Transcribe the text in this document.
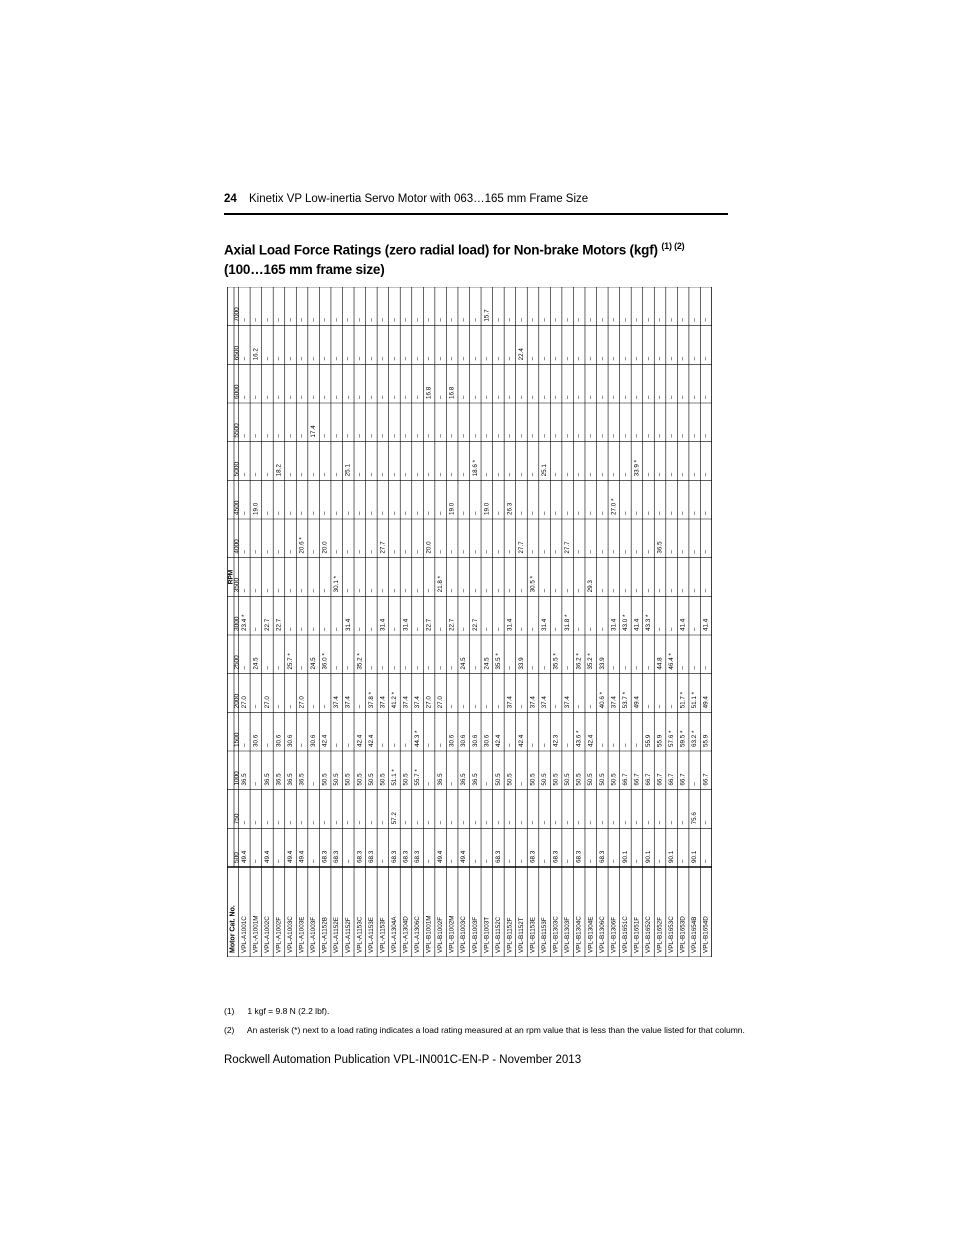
24 Kinetix VP Low-inertia Servo Motor with 063…165 mm Frame Size
Axial Load Force Ratings (zero radial load) for Non-brake Motors (kgf) $^{(1) (2)}$
(100…165 mm frame size)
Motor Cat. No.
RPM
500
750
1000
1500
2000
2500
3000
3500
4000
4500
5000
5500
6000
6500
7000
VPL-A1001C
49.4
–
36.5
–
27.0
–
23.4 *
–
–
–
–
–
–
–
–
VPL-A1001M
–
–
–
30.6
–
24.5
–
–
–
19.0
–
–
–
16.2
–
VPL-A1002C
49.4
–
36.5
–
27.0
–
22.7
–
–
–
–
–
–
–
–
VPL-A1002F
–
–
36.5
30.6
–
–
22.7
–
–
–
18.2
–
–
–
–
VPL-A1003C
49.4
–
36.5
30.6
–
25.7 *
–
–
–
–
–
–
–
–
–
VPL-A1003E
49.4
–
36.5
–
27.0
–
–
–
20.6 *
–
–
–
–
–
–
VPL-A1003F
–
–
–
30.6
–
24.5
–
–
–
–
–
17.4
–
–
–
VPL-A1152B
68.3
–
50.5
42.4
–
36.0 *
–
–
20.0
–
–
–
–
–
–
VPL-A1152E
68.3
–
50.5
–
37.4
–
–
30.1 *
–
–
–
–
–
–
–
VPL-A1152F
–
–
50.5
–
37.4
–
31.4
–
–
–
25.1
–
–
–
–
VPL-A1153C
68.3
–
50.5
42.4
–
35.2 *
–
–
–
–
–
–
–
–
–
VPL-A1153E
68.3
–
50.5
42.4
37.8 *
–
–
–
–
–
–
–
–
–
–
VPL-A1153F
–
–
50.5
–
37.4
–
31.4
–
27.7
–
–
–
–
–
–
VPL-A1304A
68.3
57.2
51.1 *
–
41.2 *
–
–
–
–
–
–
–
–
–
–
VPL-A1304D
68.3
–
50.5
–
37.4
–
31.4
–
–
–
–
–
–
–
–
VPL-A1306C
68.3
–
55.7 *
44.3 *
37.4
–
–
–
–
–
–
–
–
–
–
VPL-B1001M
–
–
–
–
27.0
–
22.7
–
20.0
–
–
–
16.8
–
–
VPL-B1002F
49.4
–
36.5
–
27.0
–
–
21.8 *
–
–
–
–
–
–
–
VPL-B1002M
–
–
–
30.6
–
–
22.7
–
–
19.0
–
–
16.8
–
–
VPL-B1003C
49.4
–
36.5
30.6
–
24.5
–
–
–
–
–
–
–
–
–
VPL-B1003F
–
–
36.5
30.6
–
–
22.7
–
–
–
18.6 *
–
–
–
–
VPL-B1003T
–
–
–
30.6
–
24.5
–
–
–
19.0
–
–
–
–
15.7
VPL-B1152C
68.3
–
50.5
42.4
–
35.5 *
–
–
–
–
–
–
–
–
–
VPL-B1152F
–
–
50.5
–
37.4
–
31.4
–
–
26.3
–
–
–
–
–
VPL-B1152T
–
–
–
42.4
–
33.9
–
–
27.7
–
–
–
–
22.4
–
VPL-B1153E
68.3
–
50.5
–
37.4
–
–
30.5 *
–
–
–
–
–
–
–
VPL-B1153F
–
–
50.5
–
37.4
–
31.4
–
–
–
25.1
–
–
–
–
VPL-B1303C
68.3
–
50.5
42.3
–
35.5 *
–
–
–
–
–
–
–
–
–
VPL-B1303F
–
–
50.5
–
37.4
–
31.8 *
–
27.7
–
–
–
–
–
–
VPL-B1304C
68.3
–
50.5
43.6 *
–
36.2 *
–
–
–
–
–
–
–
–
–
VPL-B1304E
–
–
50.5
42.4
–
35.2 *
–
29.3
–
–
–
–
–
–
–
VPL-B1306C
68.3
–
50.5
–
40.6 *
33.9
–
–
–
–
–
–
–
–
–
VPL-B1306F
–
–
50.5
–
37.4
–
31.4
–
–
27.0 *
–
–
–
–
–
VPL-B1651C
90.1
–
66.7
–
53.7 *
–
43.0 *
–
–
–
–
–
–
–
–
VPL-B1651F
–
–
66.7
–
49.4
–
41.4
–
–
–
33.9 *
–
–
–
–
VPL-B1652C
90.1
–
66.7
55.9
–
–
43.3 *
–
–
–
–
–
–
–
–
VPL-B1652F
–
–
66.7
55.9
–
44.8
–
–
36.5
–
–
–
–
–
–
VPL-B1653C
90.1
–
66.7
57.6 *
–
46.4 *
–
–
–
–
–
–
–
–
–
VPL-B1653D
–
–
66.7
59.5 *
51.7 *
–
41.4
–
–
–
–
–
–
–
–
VPL-B1654B
90.1
75.6
–
63.2 *
51.1 *
–
–
–
–
–
–
–
–
–
–
VPL-B1654D
–
–
66.7
55.9
49.4
–
41.4
–
–
–
–
–
–
–
–
(1) 1 kgf = 9.8 N (2.2 lbf).
(2) An asterisk (*) next to a load rating indicates a load rating measured at an rpm value that is less than the value listed for that column.
Rockwell Automation Publication VPL-IN001C-EN-P - November 2013
